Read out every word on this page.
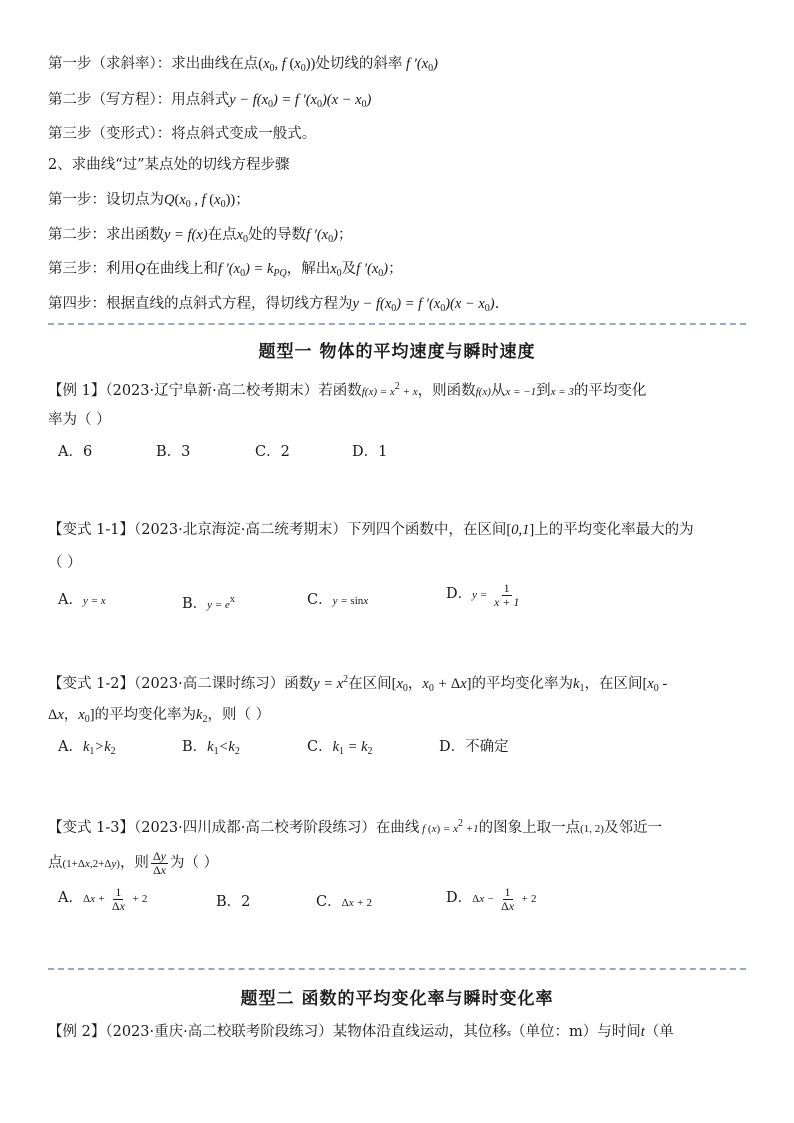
第一步（求斜率）：求出曲线在点($x_0$, f $(x_0)$)处切线的斜率 f $'(x_0)$
第二步（写方程）：用点斜式$y - f(x_0) = f$ $'(x_0)(x - x_0)$
第三步（变形式）：将点斜式变成一般式。
2、求曲线“过”某点处的切线方程步骤
第一步：设切点为$Q(x_0$ , f $(x_0)$)；
第二步：求出函数y = f(x)在点$x_0$处的导数f $'(x_0)$；
第三步：利用Q在曲线上和f $'(x_0) = k_{PQ}$，解出$x_0$及f $'(x_0)$；
第四步：根据直线的点斜式方程，得切线方程为$y - f(x_0) = f$ $'(x_0)(x - x_0)$.
题型一 物体的平均速度与瞬时速度
【例 1】（2023·辽宁阜新·高二校考期末）若函数$f(x) = x^2 + x$，则函数f(x)从x = −1到x = 3的平均变化
率为（ ）
A．6	B．3	C．2	D．1
【变式 1-1】（2023·北京海淀·高二统考期末）下列四个函数中，在区间[0,1]上的平均变化率最大的为
（ ）
A．y = x	B．$y = e^x$	C．y = sinx	D．$y = \frac{1}{x + 1}$
【变式 1-2】（2023·高二课时练习）函数$y = x^2$在区间[$x_0$，$x_0 + \Delta x$]的平均变化率为$k_1$，在区间[$x_0$ -
Δx，$x_0$]的平均变化率为$k_2$，则（ ）
A．$k_1>k_2$	B．$k_1<k_2$	C．$k_1 = k_2$	D．不确定
【变式 1-3】（2023·四川成都·高二校考阶段练习）在曲线 f $(x) = x^2 +1$的图象上取一点(1, 2)及邻近一
点(1+Δx,2+Δy)，则 $\frac{\Delta y}{\Delta x}$ 为（ ）
A．$\Delta x + \frac{1}{\Delta x} + 2$	B．2	C．Δx + 2	D．$\Delta x - \frac{1}{\Delta x} + 2$
题型二 函数的平均变化率与瞬时变化率
【例 2】（2023·重庆·高二校联考阶段练习）某物体沿直线运动，其位移s（单位：m）与时间t（单
